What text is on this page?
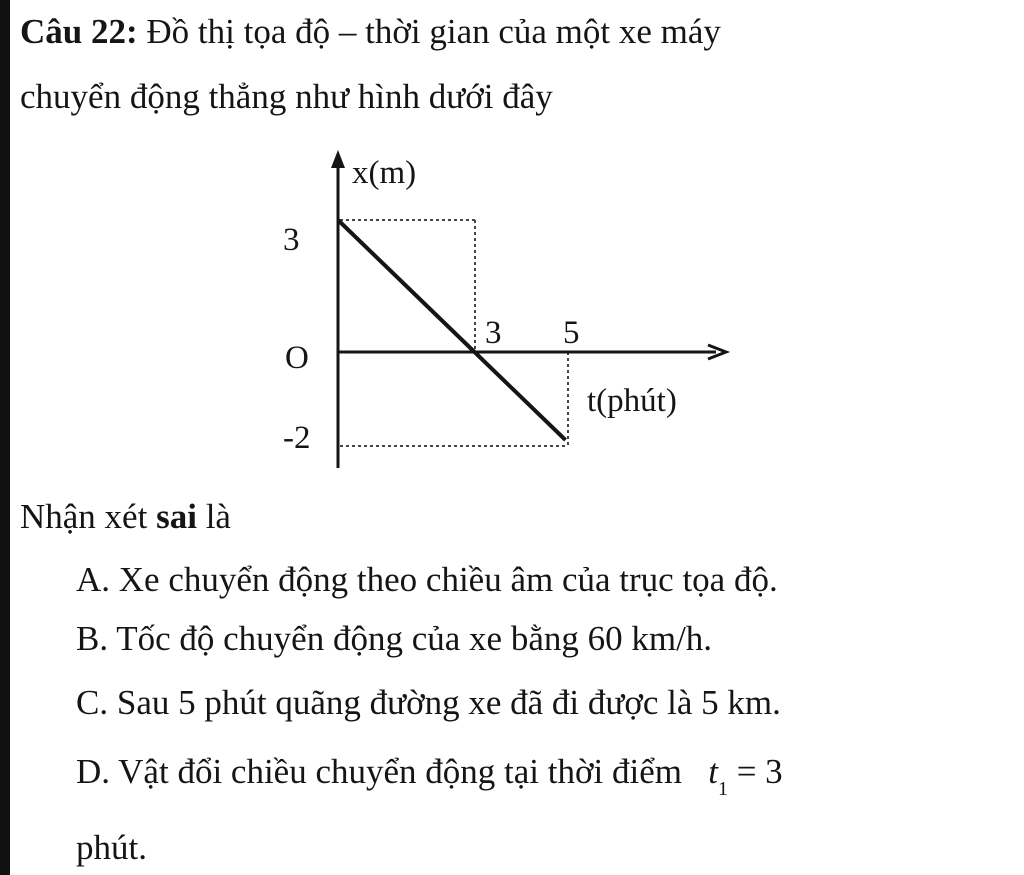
Câu 22: Đồ thị tọa độ – thời gian của một xe máy
chuyển động thẳng như hình dưới đây
x(m)
3
O
-2
3 5
t(phút)
Nhận xét sai là
A. Xe chuyển động theo chiều âm của trục tọa độ.
B. Tốc độ chuyển động của xe bằng 60 km/h.
C. Sau 5 phút quãng đường xe đã đi được là 5 km.
D. Vật đổi chiều chuyển động tại thời điểm $t_1 = 3$
phút.
